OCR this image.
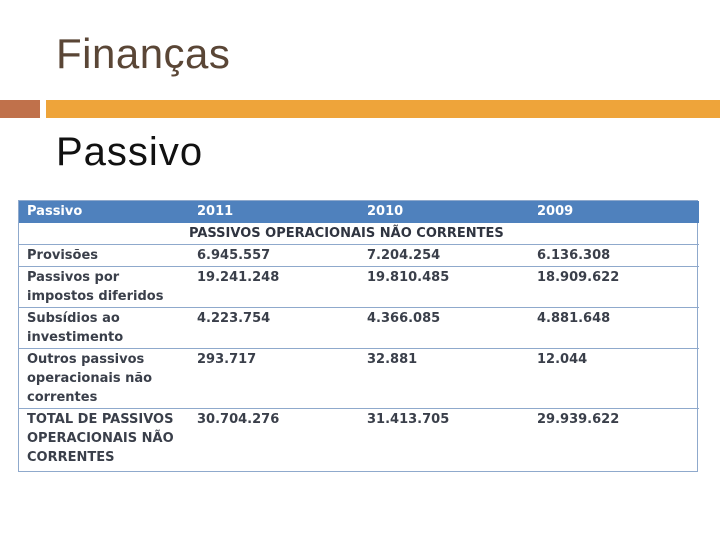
Finanças
Passivo
Passivo	2011	2010	2009
	PASSIVOS OPERACIONAIS NÃO CORRENTES		
Provisões	6.945.557	7.204.254	6.136.308
Passivos por impostos diferidos	19.241.248	19.810.485	18.909.622
Subsídios ao investimento	4.223.754	4.366.085	4.881.648
Outros passivos operacionais não correntes	293.717	32.881	12.044
TOTAL DE PASSIVOS OPERACIONAIS NÃO CORRENTES	30.704.276	31.413.705	29.939.622
